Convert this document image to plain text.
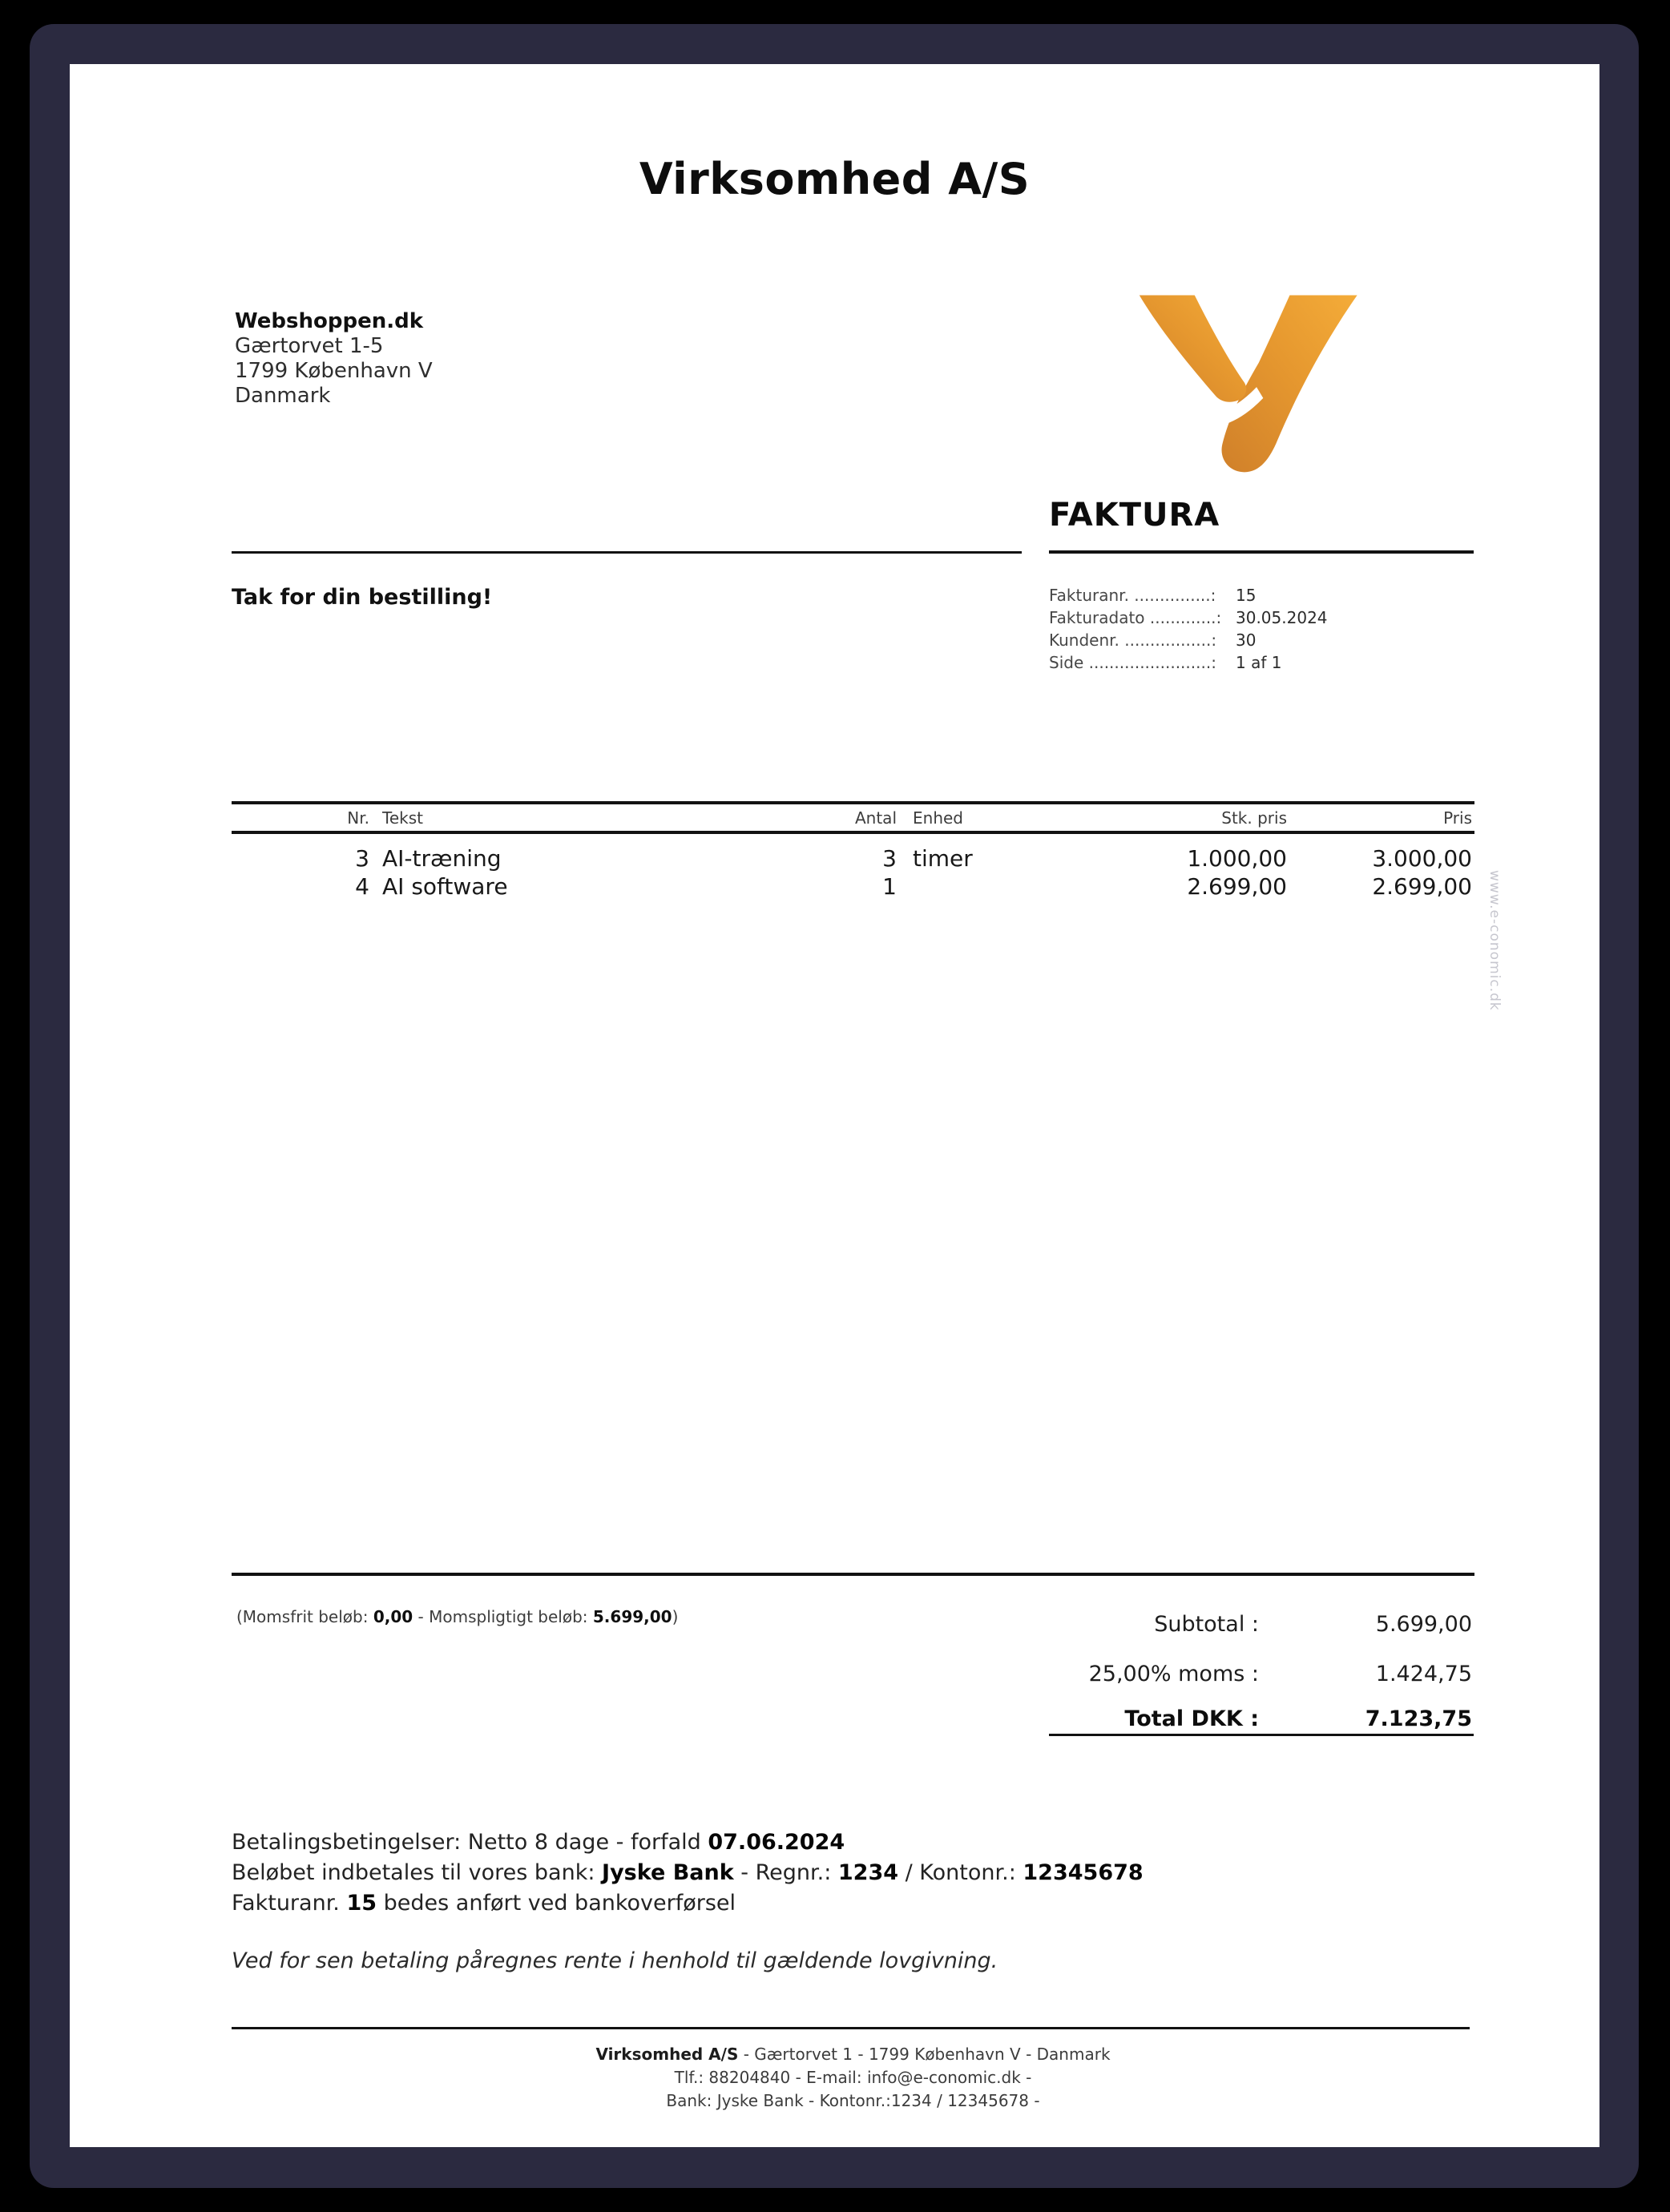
Virksomhed A/S
Webshoppen.dk
Gærtorvet 1-5
1799 København V
Danmark
FAKTURA
Tak for din bestilling!	Fakturanr. ...............: 15
Fakturadato .............: 30.05.2024
Kundenr. .................: 30
Side ........................: 1 af 1
Nr. Tekst	Antal	Enhed	Stk. pris	Pris
3 AI-træning	3 timer	1.000,00	3.000,00
4 AI software	1	2.699,00	2.699,00 www.e-conomic.dk
(Momsfrit beløb: 0,00 - Momspligtigt beløb: 5.699,00)	Subtotal :	5.699,00
25,00% moms :	1.424,75
Total DKK :	7.123,75
Betalingsbetingelser: Netto 8 dage - forfald 07.06.2024
Beløbet indbetales til vores bank: Jyske Bank - Regnr.: 1234 / Kontonr.: 12345678
Fakturanr. 15 bedes anført ved bankoverførsel
Ved for sen betaling påregnes rente i henhold til gældende lovgivning.
Virksomhed A/S - Gærtorvet 1 - 1799 København V - Danmark
Tlf.: 88204840 - E-mail: info@e-conomic.dk -
Bank: Jyske Bank - Kontonr.:1234 / 12345678 -
